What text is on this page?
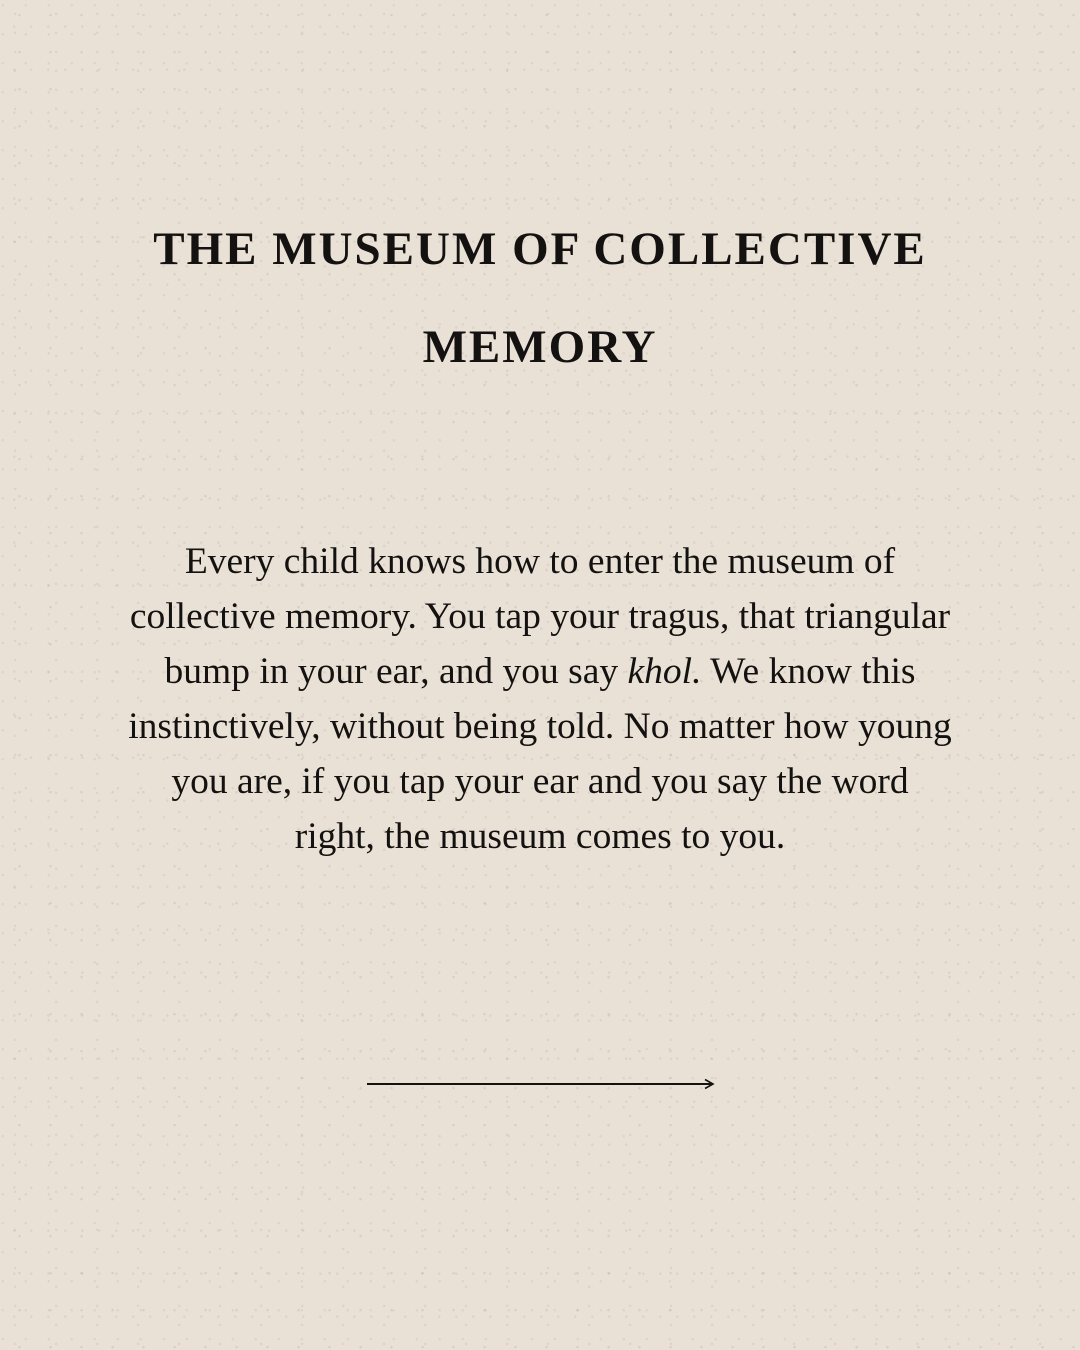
THE MUSEUM OF COLLECTIVE MEMORY

Every child knows how to enter the museum of collective memory. You tap your tragus, that triangular bump in your ear, and you say khol. We know this instinctively, without being told. No matter how young you are, if you tap your ear and you say the word right, the museum comes to you.
